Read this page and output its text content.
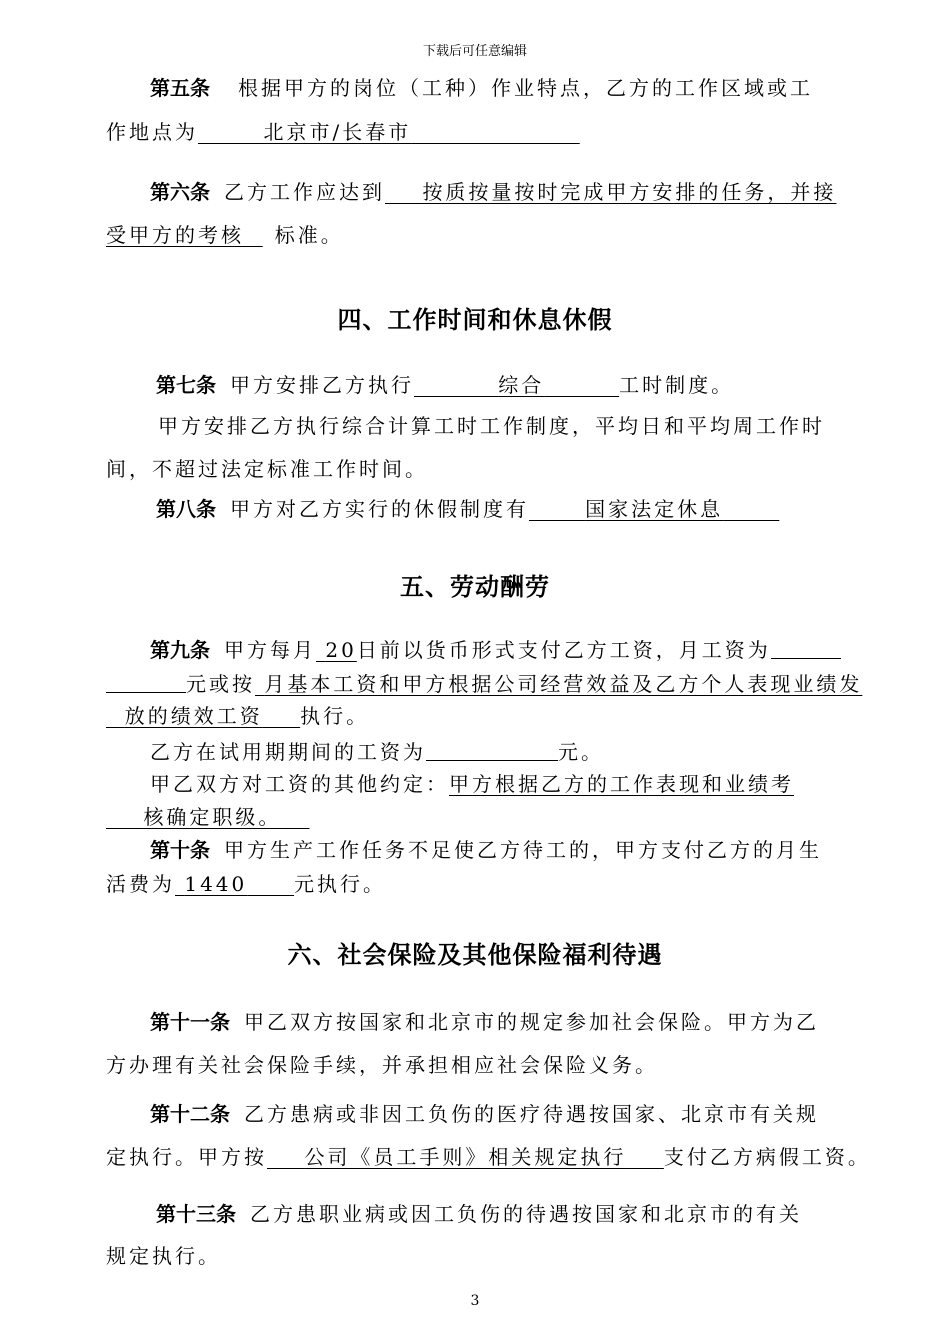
下载后可任意编辑
第五条 根据甲方的岗位（工种）作业特点，乙方的工作区域或工
作地点为	北京市/长春市
第六条 乙方工作应达到 按质按量按时完成甲方安排的任务，并接
受甲方的考核 标准。
四、工作时间和休息休假
第七条 甲方安排乙方执行	综合	工时制度。
甲方安排乙方执行综合计算工时工作制度，平均日和平均周工作时
间，不超过法定标准工作时间。
第八条 甲方对乙方实行的休假制度有	国家法定休息
五、劳动酬劳
第九条 甲方每月 20日前以货币形式支付乙方工资，月工资为
元或按 月基本工资和甲方根据公司经营效益及乙方个人表现业绩发
放的绩效工资 执行。
乙方在试用期期间的工资为	元。
甲乙双方对工资的其他约定：甲方根据乙方的工作表现和业绩考
核确定职级。
第十条 甲方生产工作任务不足使乙方待工的，甲方支付乙方的月生
活费为 1440 元执行。
六、社会保险及其他保险福利待遇
第十一条 甲乙双方按国家和北京市的规定参加社会保险。甲方为乙
方办理有关社会保险手续，并承担相应社会保险义务。
第十二条 乙方患病或非因工负伤的医疗待遇按国家、北京市有关规
定执行。甲方按 公司《员工手则》相关规定执行 支付乙方病假工资。
第十三条 乙方患职业病或因工负伤的待遇按国家和北京市的有关
规定执行。
3
